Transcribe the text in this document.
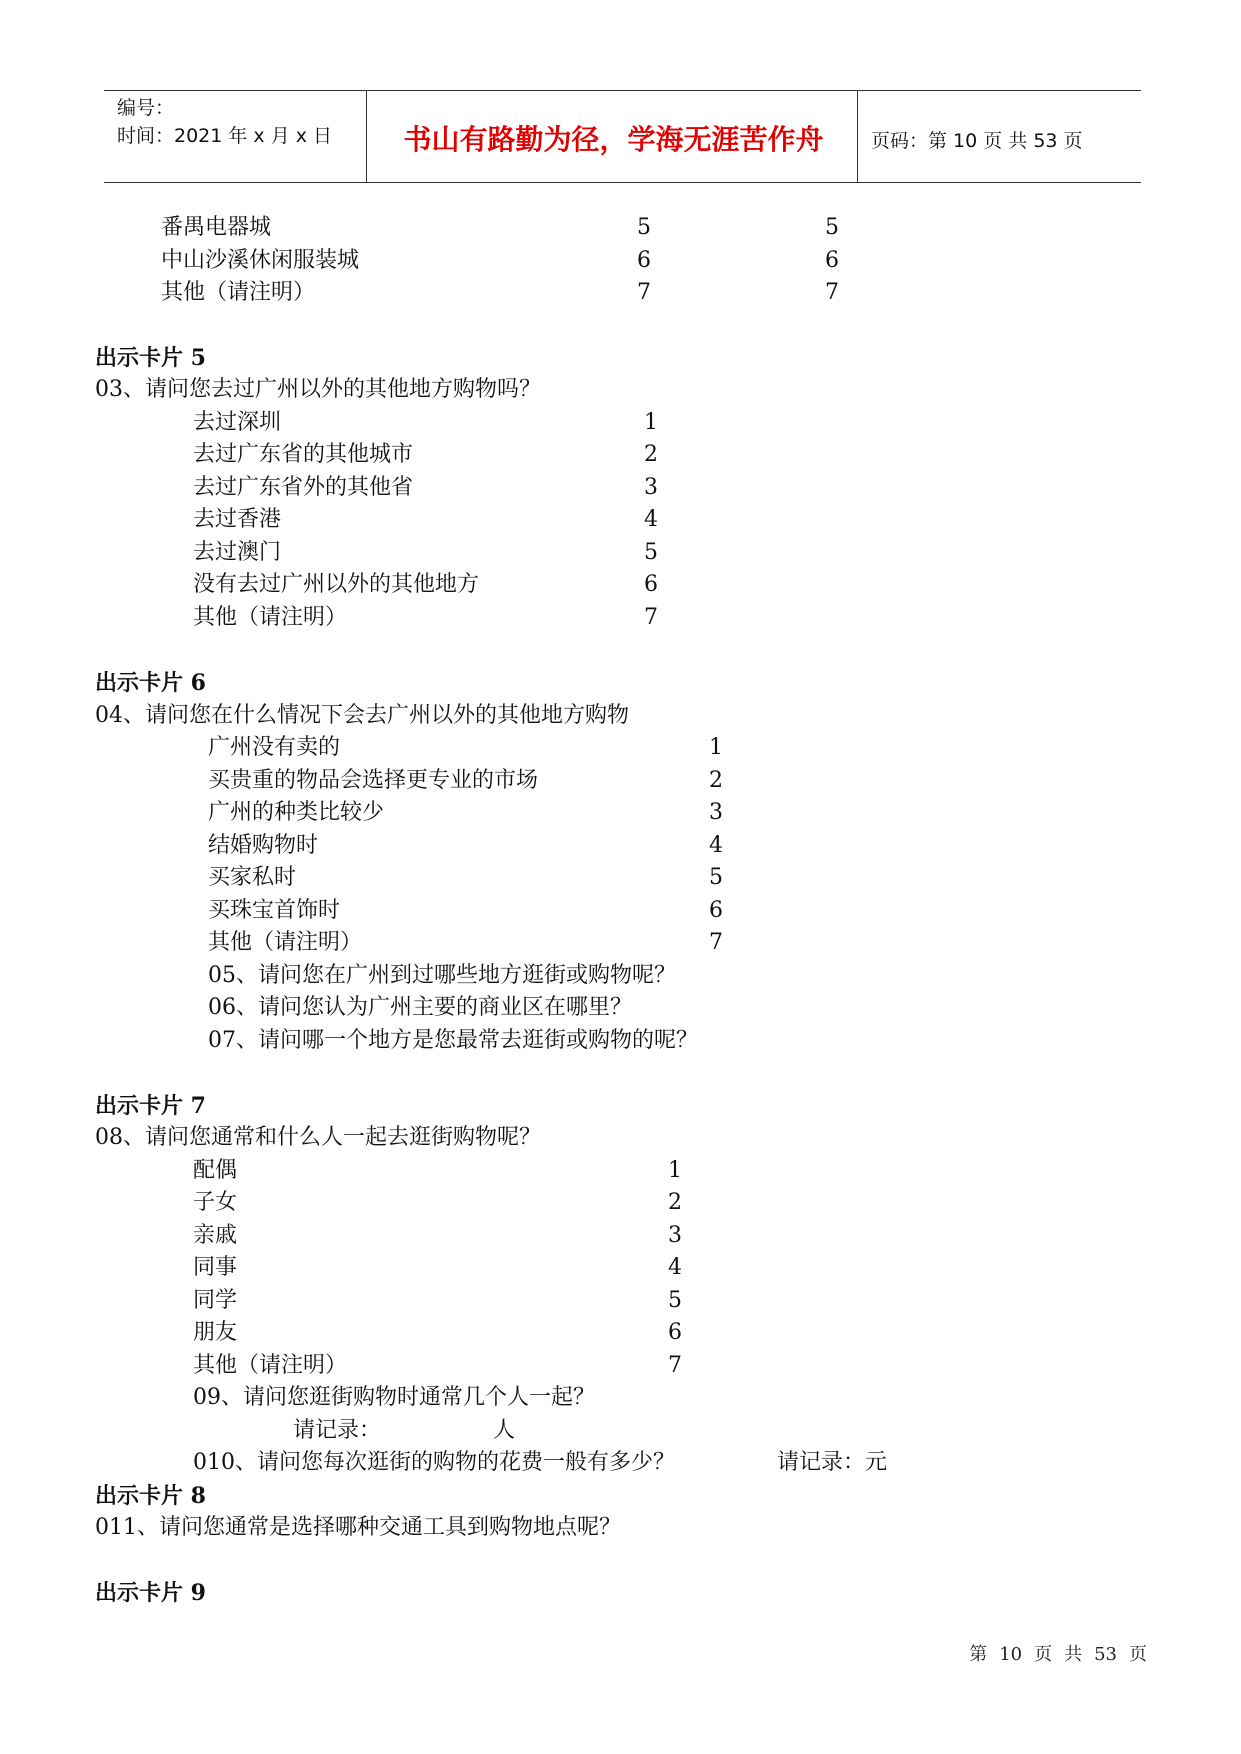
编号：
时间：2021 年 x 月 x 日	书山有路勤为径，学海无涯苦作舟	页码：第 10 页 共 53 页
番禺电器城	5	5
中山沙溪休闲服装城	6	6
其他（请注明）	7	7
出示卡片 5
03、请问您去过广州以外的其他地方购物吗？
去过深圳	1
去过广东省的其他城市	2
去过广东省外的其他省	3
去过香港	4
去过澳门	5
没有去过广州以外的其他地方	6
其他（请注明）	7
出示卡片 6
04、请问您在什么情况下会去广州以外的其他地方购物
广州没有卖的	1
买贵重的物品会选择更专业的市场	2
广州的种类比较少	3
结婚购物时	4
买家私时	5
买珠宝首饰时	6
其他（请注明）	7
05、请问您在广州到过哪些地方逛街或购物呢？
06、请问您认为广州主要的商业区在哪里？
07、请问哪一个地方是您最常去逛街或购物的呢？
出示卡片 7
08、请问您通常和什么人一起去逛街购物呢？
配偶	1
子女	2
亲戚	3
同事	4
同学	5
朋友	6
其他（请注明）	7
09、请问您逛街购物时通常几个人一起？
请记录：	人
010、请问您每次逛街的购物的花费一般有多少？	请记录：元
出示卡片 8
011、请问您通常是选择哪种交通工具到购物地点呢？
出示卡片 9
第 10 页 共 53 页
